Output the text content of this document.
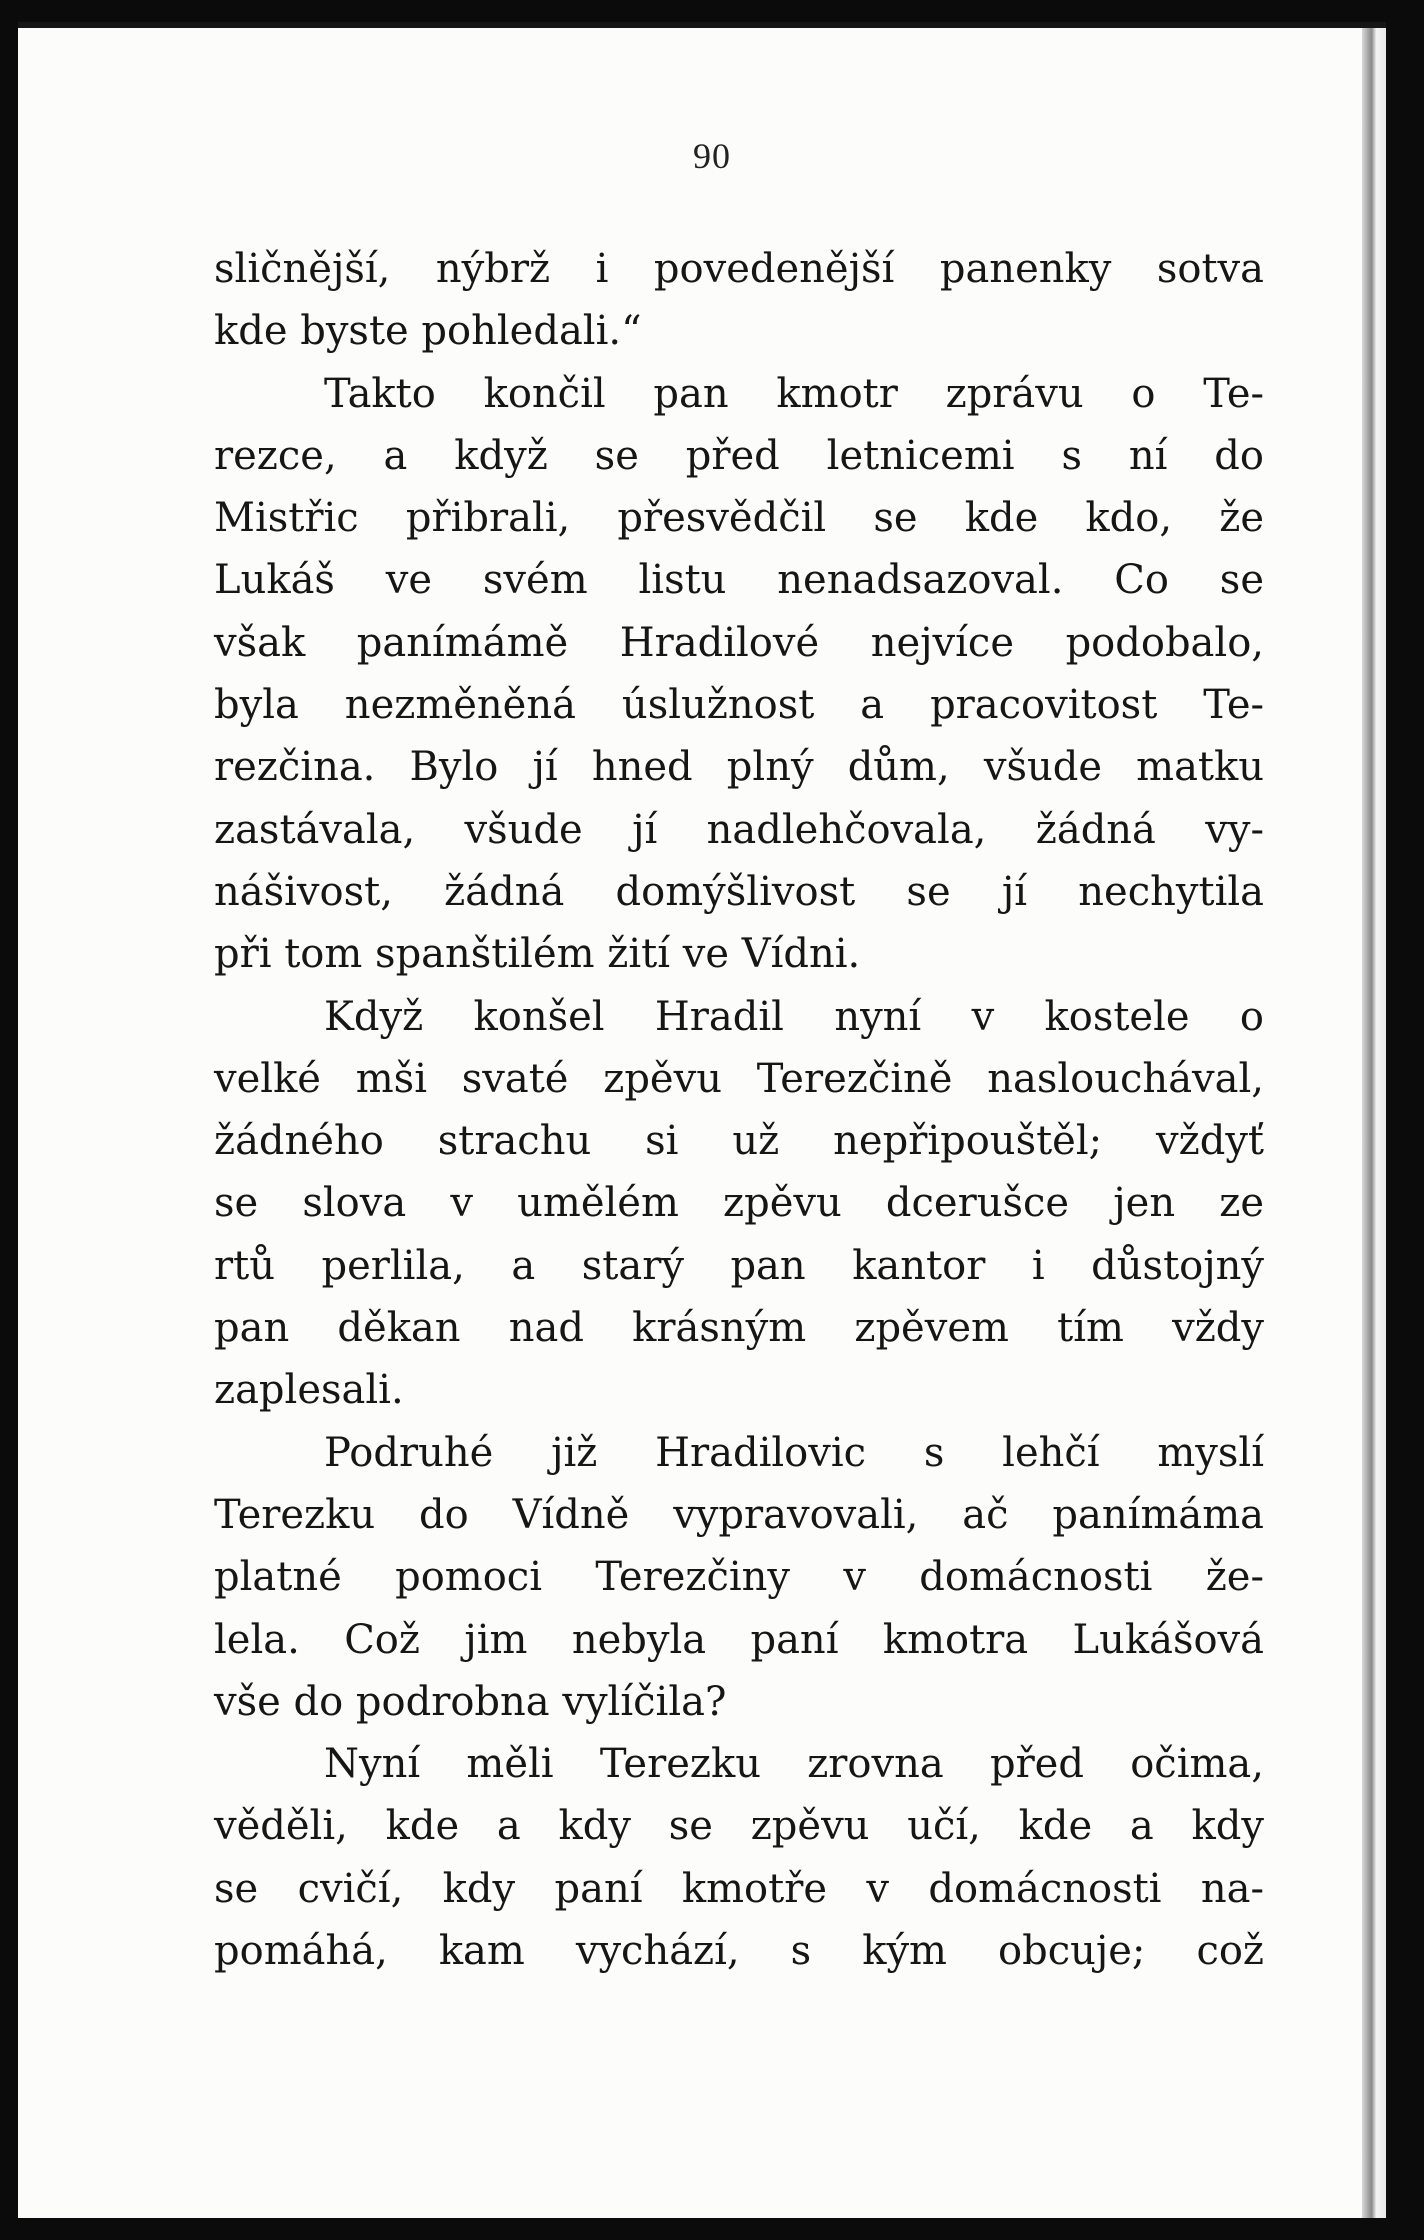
90
sličnější, nýbrž i povedenější panenky sotva
kde byste pohledali.“
Takto končil pan kmotr zprávu o Te-
rezce, a když se před letnicemi s ní do
Mistřic přibrali, přesvědčil se kde kdo, že
Lukáš ve svém listu nenadsazoval. Co se
však panímámě Hradilové nejvíce podobalo,
byla nezměněná úslužnost a pracovitost Te-
rezčina. Bylo jí hned plný dům, všude matku
zastávala, všude jí nadlehčovala, žádná vy-
nášivost, žádná domýšlivost se jí nechytila
při tom spanštilém žití ve Vídni.
Když konšel Hradil nyní v kostele o
velké mši svaté zpěvu Terezčině naslouchával,
žádného strachu si už nepřipouštěl; vždyť
se slova v umělém zpěvu dcerušce jen ze
rtů perlila, a starý pan kantor i důstojný
pan děkan nad krásným zpěvem tím vždy
zaplesali.
Podruhé již Hradilovic s lehčí myslí
Terezku do Vídně vypravovali, ač panímáma
platné pomoci Terezčiny v domácnosti že-
lela. Což jim nebyla paní kmotra Lukášová
vše do podrobna vylíčila?
Nyní měli Terezku zrovna před očima,
věděli, kde a kdy se zpěvu učí, kde a kdy
se cvičí, kdy paní kmotře v domácnosti na-
pomáhá, kam vychází, s kým obcuje; což
